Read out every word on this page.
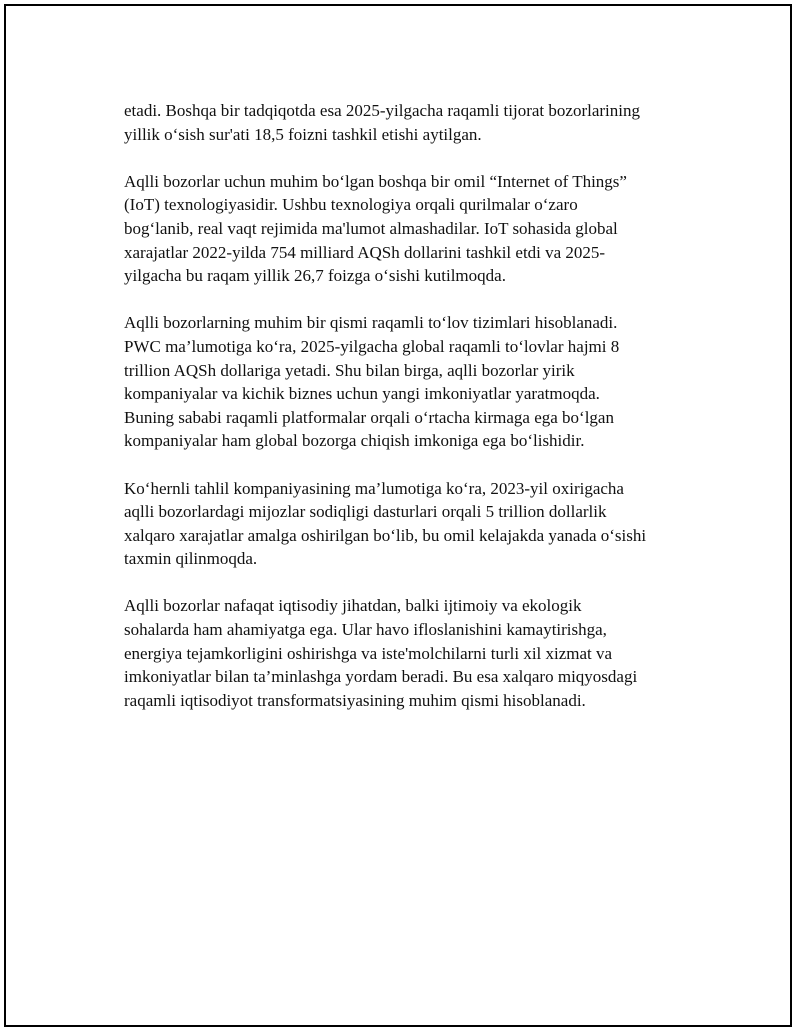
etadi. Boshqa bir tadqiqotda esa 2025-yilgacha raqamli tijorat bozorlarining
yillik o‘sish sur'ati 18,5 foizni tashkil etishi aytilgan.

Aqlli bozorlar uchun muhim bo‘lgan boshqa bir omil “Internet of Things”
(IoT) texnologiyasidir. Ushbu texnologiya orqali qurilmalar o‘zaro
bog‘lanib, real vaqt rejimida ma'lumot almashadilar. IoT sohasida global
xarajatlar 2022-yilda 754 milliard AQSh dollarini tashkil etdi va 2025-
yilgacha bu raqam yillik 26,7 foizga o‘sishi kutilmoqda.

Aqlli bozorlarning muhim bir qismi raqamli to‘lov tizimlari hisoblanadi.
PWC ma’lumotiga ko‘ra, 2025-yilgacha global raqamli to‘lovlar hajmi 8
trillion AQSh dollariga yetadi. Shu bilan birga, aqlli bozorlar yirik
kompaniyalar va kichik biznes uchun yangi imkoniyatlar yaratmoqda.
Buning sababi raqamli platformalar orqali o‘rtacha kirmaga ega bo‘lgan
kompaniyalar ham global bozorga chiqish imkoniga ega bo‘lishidir.

Ko‘hernli tahlil kompaniyasining ma’lumotiga ko‘ra, 2023-yil oxirigacha
aqlli bozorlardagi mijozlar sodiqligi dasturlari orqali 5 trillion dollarlik
xalqaro xarajatlar amalga oshirilgan bo‘lib, bu omil kelajakda yanada o‘sishi
taxmin qilinmoqda.

Aqlli bozorlar nafaqat iqtisodiy jihatdan, balki ijtimoiy va ekologik
sohalarda ham ahamiyatga ega. Ular havo ifloslanishini kamaytirishga,
energiya tejamkorligini oshirishga va iste'molchilarni turli xil xizmat va
imkoniyatlar bilan ta’minlashga yordam beradi. Bu esa xalqaro miqyosdagi
raqamli iqtisodiyot transformatsiyasining muhim qismi hisoblanadi.
